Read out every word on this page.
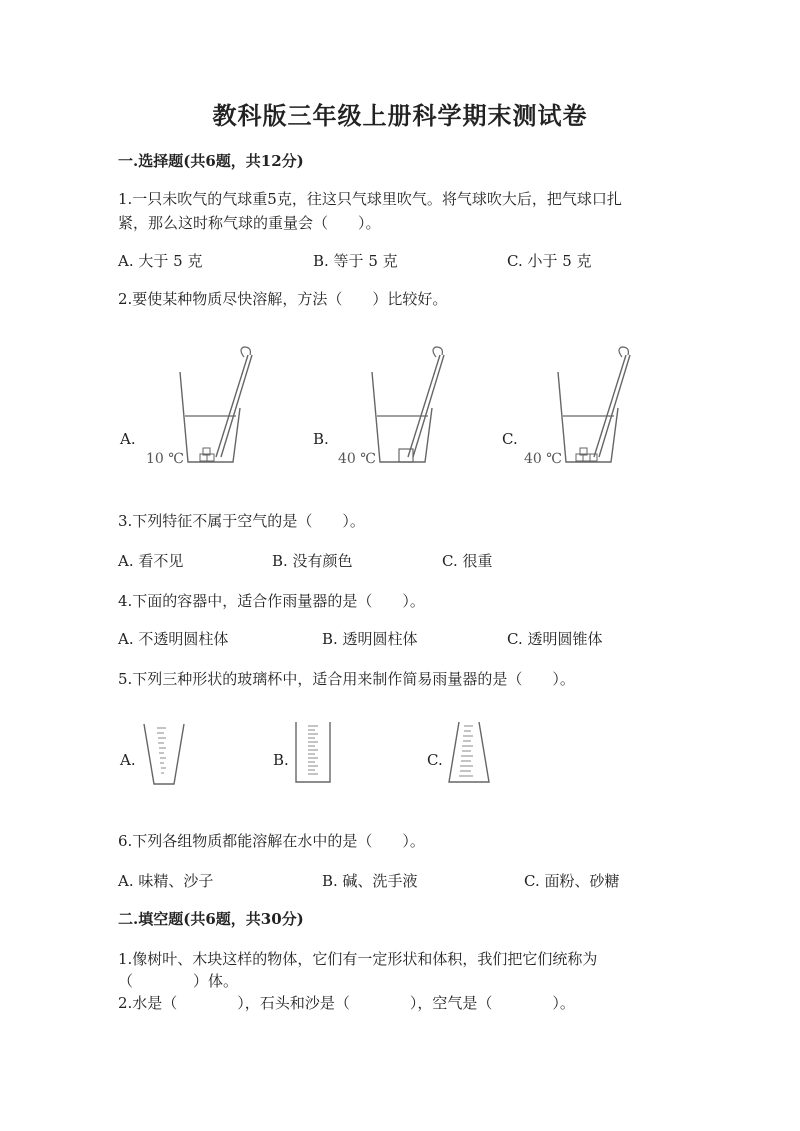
教科版三年级上册科学期末测试卷
一.选择题(共6题，共12分)
1.一只未吹气的气球重5克，往这只气球里吹气。将气球吹大后，把气球口扎
紧，那么这时称气球的重量会（　　）。
A. 大于 5 克	B. 等于 5 克	C. 小于 5 克
2.要使某种物质尽快溶解，方法（　　）比较好。
A.	B.	C.
10 ℃	40 ℃	40 ℃
3.下列特征不属于空气的是（　　）。
A. 看不见	B. 没有颜色	C. 很重
4.下面的容器中，适合作雨量器的是（　　）。
A. 不透明圆柱体	B. 透明圆柱体	C. 透明圆锥体
5.下列三种形状的玻璃杯中，适合用来制作简易雨量器的是（　　）。
A.	B.	C.
6.下列各组物质都能溶解在水中的是（　　）。
A. 味精、沙子	B. 碱、洗手液	C. 面粉、砂糖
二.填空题(共6题，共30分)
1.像树叶、木块这样的物体，它们有一定形状和体积，我们把它们统称为
（　　　　）体。
2.水是（　　　　），石头和沙是（　　　　），空气是（　　　　）。
